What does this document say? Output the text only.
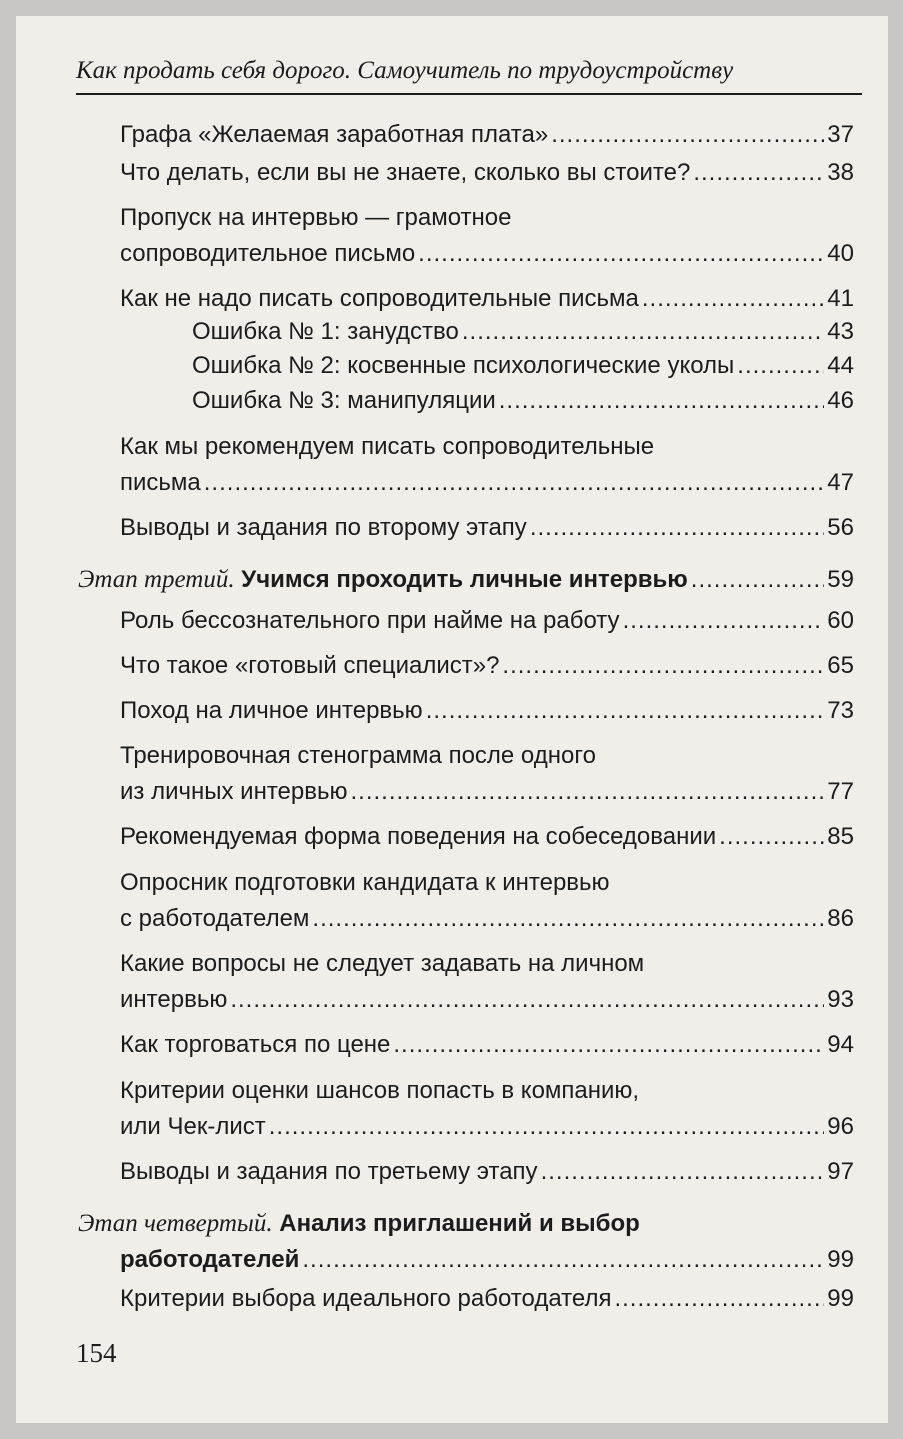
Как продать себя дорого. Самоучитель по трудоустройству
Графа «Желаемая заработная плата» .....	37
Что делать, если вы не знаете, сколько вы стоите? .....	38
Пропуск на интервью — грамотное
сопроводительное письмо .....	40
Как не надо писать сопроводительные письма .....	41
Ошибка № 1: занудство .....	43
Ошибка № 2: косвенные психологические уколы .....	44
Ошибка № 3: манипуляции .....	46
Как мы рекомендуем писать сопроводительные
письма .....	47
Выводы и задания по второму этапу .....	56
Этап третий. Учимся проходить личные интервью .....	59
Роль бессознательного при найме на работу .....	60
Что такое «готовый специалист»? .....	65
Поход на личное интервью .....	73
Тренировочная стенограмма после одного
из личных интервью .....	77
Рекомендуемая форма поведения на собеседовании .....	85
Опросник подготовки кандидата к интервью
с работодателем .....	86
Какие вопросы не следует задавать на личном
интервью .....	93
Как торговаться по цене .....	94
Критерии оценки шансов попасть в компанию,
или Чек-лист .....	96
Выводы и задания по третьему этапу .....	97
Этап четвертый. Анализ приглашений и выбор
работодателей .....	99
Критерии выбора идеального работодателя .....	99
154
